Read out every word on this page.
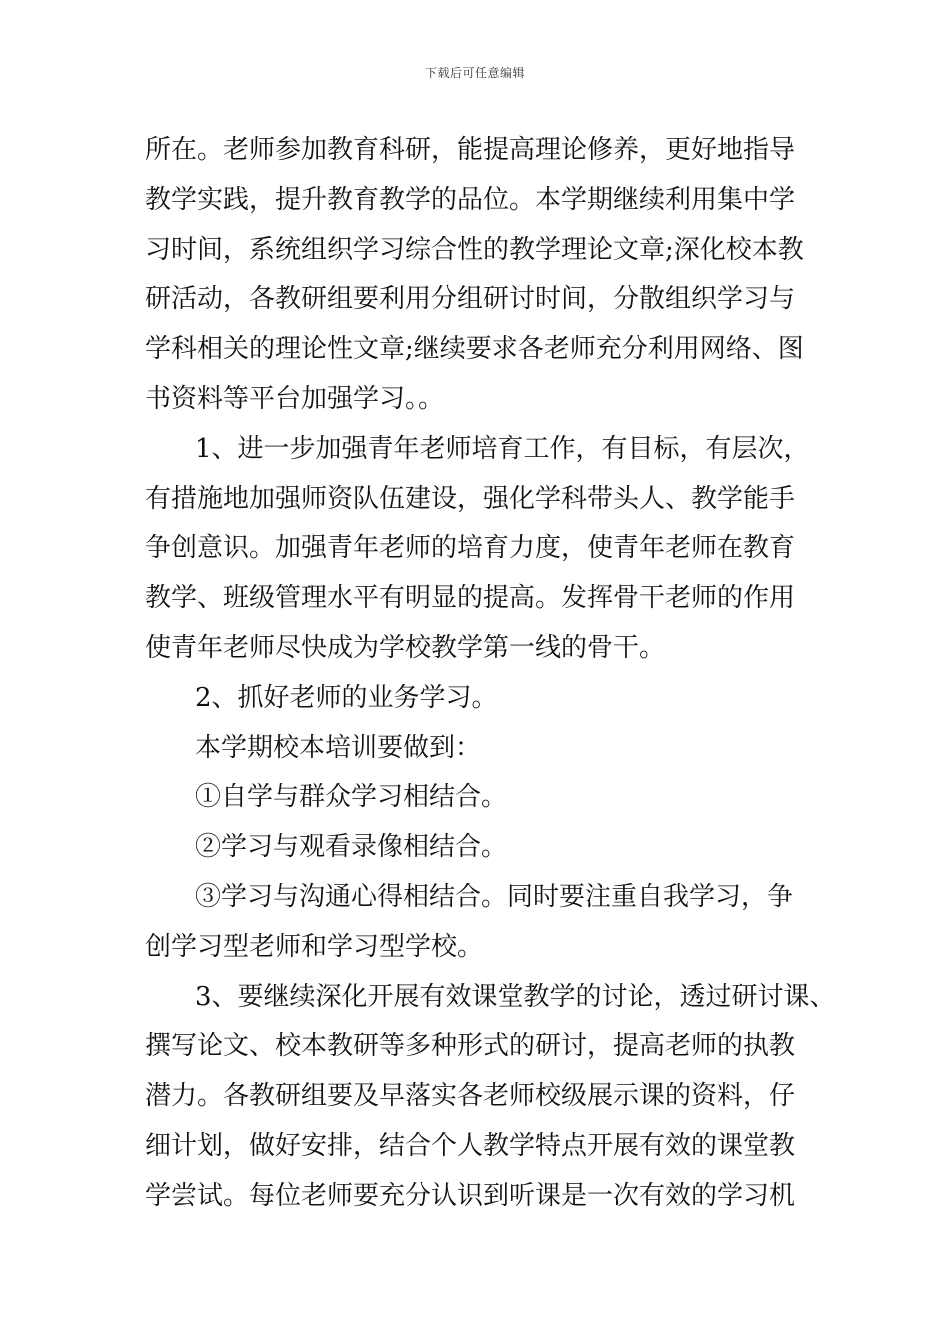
下载后可任意编辑
所在。老师参加教育科研，能提高理论修养，更好地指导
教学实践，提升教育教学的品位。本学期继续利用集中学
习时间，系统组织学习综合性的教学理论文章;深化校本教
研活动，各教研组要利用分组研讨时间，分散组织学习与
学科相关的理论性文章;继续要求各老师充分利用网络、图
书资料等平台加强学习。。
1、进一步加强青年老师培育工作，有目标，有层次，
有措施地加强师资队伍建设，强化学科带头人、教学能手
争创意识。加强青年老师的培育力度，使青年老师在教育
教学、班级管理水平有明显的提高。发挥骨干老师的作用
使青年老师尽快成为学校教学第一线的骨干。
2、抓好老师的业务学习。
本学期校本培训要做到：
①自学与群众学习相结合。
②学习与观看录像相结合。
③学习与沟通心得相结合。同时要注重自我学习，争
创学习型老师和学习型学校。
3、要继续深化开展有效课堂教学的讨论，透过研讨课、
撰写论文、校本教研等多种形式的研讨，提高老师的执教
潜力。各教研组要及早落实各老师校级展示课的资料，仔
细计划，做好安排，结合个人教学特点开展有效的课堂教
学尝试。每位老师要充分认识到听课是一次有效的学习机
